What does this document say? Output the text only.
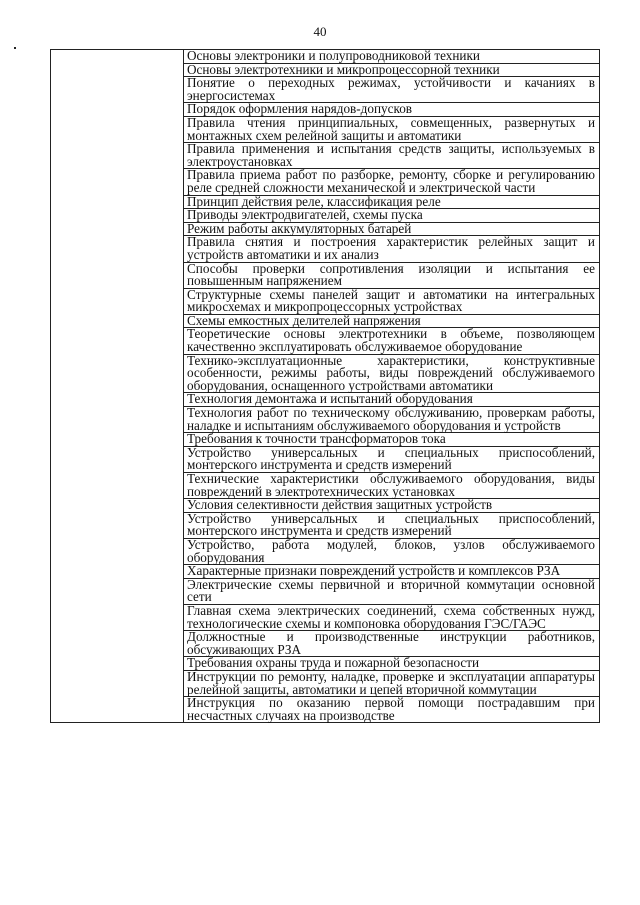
40
	Основы электроники и полупроводниковой техники
Основы электротехники и микропроцессорной техники
Понятие о переходных режимах, устойчивости и качаниях в энергосистемах
Порядок оформления нарядов-допусков
Правила чтения принципиальных, совмещенных, развернутых и монтажных схем релейной защиты и автоматики
Правила применения и испытания средств защиты, используемых в электроустановках
Правила приема работ по разборке, ремонту, сборке и регулированию реле средней сложности механической и электрической части
Принцип действия реле, классификация реле
Приводы электродвигателей, схемы пуска
Режим работы аккумуляторных батарей
Правила снятия и построения характеристик релейных защит и устройств автоматики и их анализ
Способы проверки сопротивления изоляции и испытания ее повышенным напряжением
Структурные схемы панелей защит и автоматики на интегральных микросхемах и микропроцессорных устройствах
Схемы емкостных делителей напряжения
Теоретические основы электротехники в объеме, позволяющем качественно эксплуатировать обслуживаемое оборудование
Технико-эксплуатационные характеристики, конструктивные особенности, режимы работы, виды повреждений обслуживаемого оборудования, оснащенного устройствами автоматики
Технология демонтажа и испытаний оборудования
Технология работ по техническому обслуживанию, проверкам работы, наладке и испытаниям обслуживаемого оборудования и устройств
Требования к точности трансформаторов тока
Устройство универсальных и специальных приспособлений, монтерского инструмента и средств измерений
Технические характеристики обслуживаемого оборудования, виды повреждений в электротехнических установках
Условия селективности действия защитных устройств
Устройство универсальных и специальных приспособлений, монтерского инструмента и средств измерений
Устройство, работа модулей, блоков, узлов обслуживаемого оборудования
Характерные признаки повреждений устройств и комплексов РЗА
Электрические схемы первичной и вторичной коммутации основной сети
Главная схема электрических соединений, схема собственных нужд, технологические схемы и компоновка оборудования ГЭС/ГАЭС
Должностные и производственные инструкции работников, обсуживающих РЗА
Требования охраны труда и пожарной безопасности
Инструкции по ремонту, наладке, проверке и эксплуатации аппаратуры релейной защиты, автоматики и цепей вторичной коммутации
Инструкция по оказанию первой помощи пострадавшим при несчастных случаях на производстве
